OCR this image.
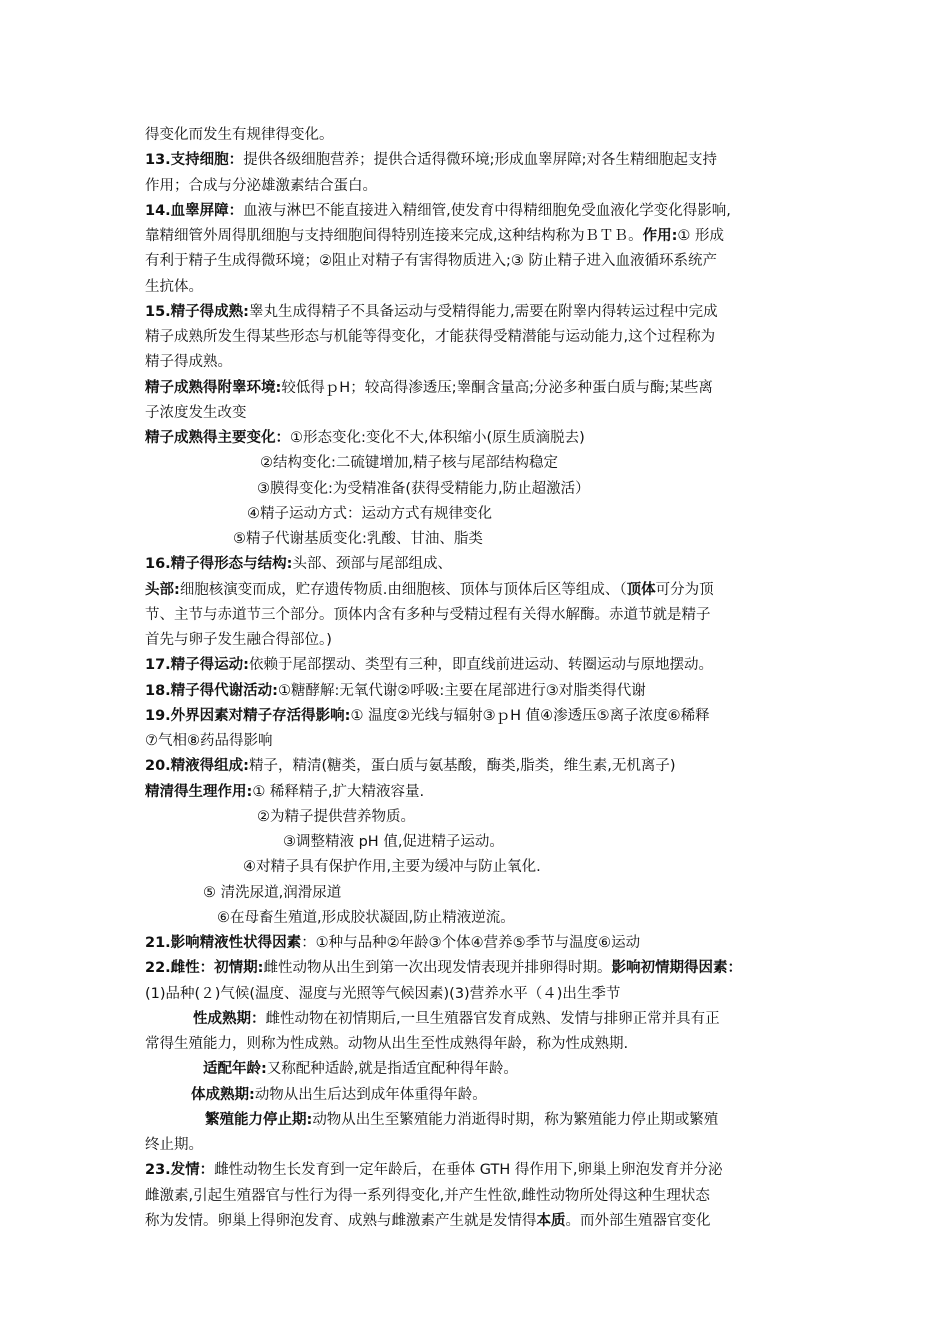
得变化而发生有规律得变化。

13.支持细胞：提供各级细胞营养；提供合适得微环境;形成血睾屏障;对各生精细胞起支持

作用；合成与分泌雄激素结合蛋白。

14.血睾屏障：血液与淋巴不能直接进入精细管,使发育中得精细胞免受血液化学变化得影响,

靠精细管外周得肌细胞与支持细胞间得特别连接来完成,这种结构称为ＢＴＢ。作用:① 形成

有利于精子生成得微环境；②阻止对精子有害得物质进入;③ 防止精子进入血液循环系统产

生抗体。

15.精子得成熟:睾丸生成得精子不具备运动与受精得能力,需要在附睾内得转运过程中完成

精子成熟所发生得某些形态与机能等得变化，才能获得受精潜能与运动能力,这个过程称为

精子得成熟。

精子成熟得附睾环境:较低得ｐH；较高得渗透压;睾酮含量高;分泌多种蛋白质与酶;某些离

子浓度发生改变

精子成熟得主要变化：①形态变化:变化不大,体积缩小(原生质滴脱去)

②结构变化:二硫键增加,精子核与尾部结构稳定

③膜得变化:为受精准备(获得受精能力,防止超激活）

④精子运动方式：运动方式有规律变化

⑤精子代谢基质变化:乳酸、甘油、脂类

16.精子得形态与结构:头部、颈部与尾部组成、

头部:细胞核演变而成，贮存遗传物质.由细胞核、顶体与顶体后区等组成、（顶体可分为顶

节、主节与赤道节三个部分。顶体内含有多种与受精过程有关得水解酶。赤道节就是精子

首先与卵子发生融合得部位。)

17.精子得运动:依赖于尾部摆动、类型有三种，即直线前进运动、转圈运动与原地摆动。

18.精子得代谢活动:①糖酵解:无氧代谢②呼吸:主要在尾部进行③对脂类得代谢

19.外界因素对精子存活得影响:① 温度②光线与辐射③ｐH 值④渗透压⑤离子浓度⑥稀释

⑦气相⑧药品得影响

20.精液得组成:精子，精清(糖类，蛋白质与氨基酸，酶类,脂类，维生素,无机离子)

精清得生理作用:① 稀释精子,扩大精液容量.

②为精子提供营养物质。

③调整精液 pH 值,促进精子运动。

④对精子具有保护作用,主要为缓冲与防止氧化.

⑤ 清洗尿道,润滑尿道

⑥在母畜生殖道,形成胶状凝固,防止精液逆流。

21.影响精液性状得因素：①种与品种②年龄③个体④营养⑤季节与温度⑥运动

22.雌性：初情期:雌性动物从出生到第一次出现发情表现并排卵得时期。影响初情期得因素：

(1)品种(２)气候(温度、湿度与光照等气候因素)(3)营养水平（４)出生季节

性成熟期：雌性动物在初情期后,一旦生殖器官发育成熟、发情与排卵正常并具有正

常得生殖能力，则称为性成熟。动物从出生至性成熟得年龄，称为性成熟期.

适配年龄:又称配种适龄,就是指适宜配种得年龄。

体成熟期:动物从出生后达到成年体重得年龄。

繁殖能力停止期:动物从出生至繁殖能力消逝得时期，称为繁殖能力停止期或繁殖

终止期。

23.发情：雌性动物生长发育到一定年龄后，在垂体 GTH 得作用下,卵巢上卵泡发育并分泌

雌激素,引起生殖器官与性行为得一系列得变化,并产生性欲,雌性动物所处得这种生理状态

称为发情。卵巢上得卵泡发育、成熟与雌激素产生就是发情得本质。而外部生殖器官变化
